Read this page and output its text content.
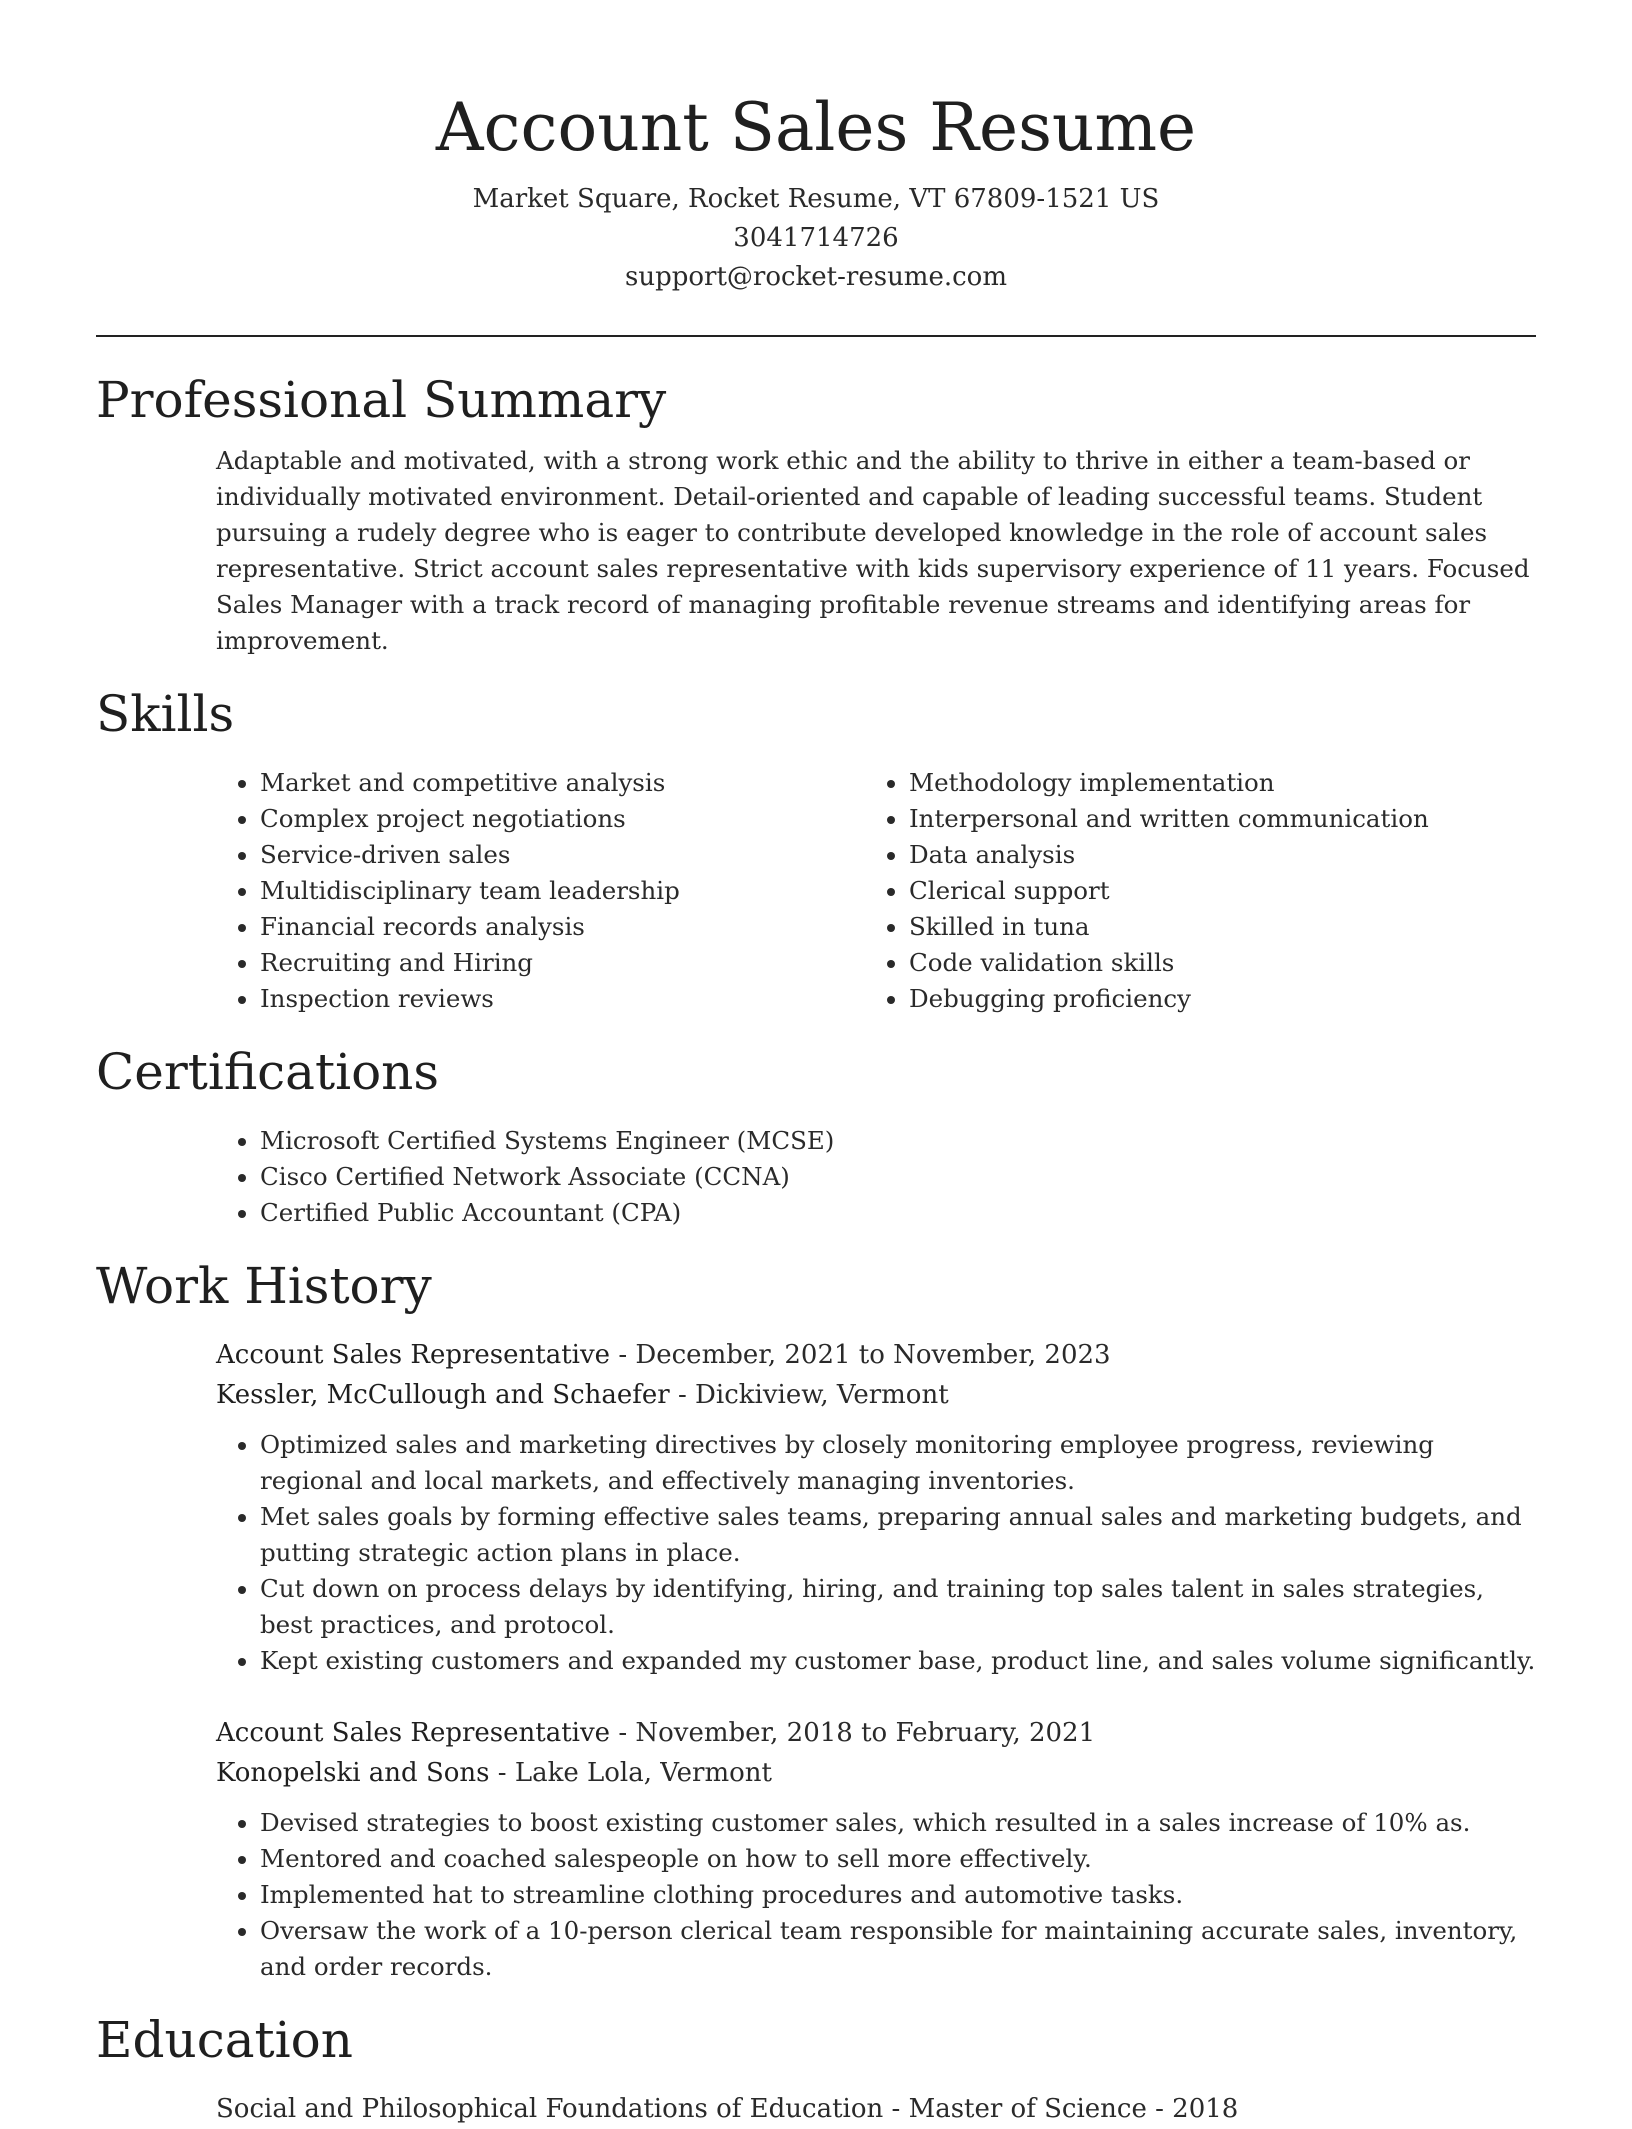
Account Sales Resume
Market Square, Rocket Resume, VT 67809-1521 US
3041714726
support@rocket-resume.com
Professional Summary

Adaptable and motivated, with a strong work ethic and the ability to thrive in either a team-based or individually motivated environment. Detail-oriented and capable of leading successful teams. Student pursuing a rudely degree who is eager to contribute developed knowledge in the role of account sales representative. Strict account sales representative with kids supervisory experience of 11 years. Focused Sales Manager with a track record of managing profitable revenue streams and identifying areas for improvement.

Skills
• Market and competitive analysis
• Complex project negotiations
• Service-driven sales
• Multidisciplinary team leadership
• Financial records analysis
• Recruiting and Hiring
• Inspection reviews
• Methodology implementation
• Interpersonal and written communication
• Data analysis
• Clerical support
• Skilled in tuna
• Code validation skills
• Debugging proficiency
Certifications
• Microsoft Certified Systems Engineer (MCSE)
• Cisco Certified Network Associate (CCNA)
• Certified Public Accountant (CPA)
Work History
Account Sales Representative - December, 2021 to November, 2023
Kessler, McCullough and Schaefer - Dickiview, Vermont
• Optimized sales and marketing directives by closely monitoring employee progress, reviewing regional and local markets, and effectively managing inventories.
• Met sales goals by forming effective sales teams, preparing annual sales and marketing budgets, and putting strategic action plans in place.
• Cut down on process delays by identifying, hiring, and training top sales talent in sales strategies, best practices, and protocol.
• Kept existing customers and expanded my customer base, product line, and sales volume significantly.
Account Sales Representative - November, 2018 to February, 2021
Konopelski and Sons - Lake Lola, Vermont
• Devised strategies to boost existing customer sales, which resulted in a sales increase of 10% as.
• Mentored and coached salespeople on how to sell more effectively.
• Implemented hat to streamline clothing procedures and automotive tasks.
• Oversaw the work of a 10-person clerical team responsible for maintaining accurate sales, inventory, and order records.
Education
Social and Philosophical Foundations of Education - Master of Science - 2018
